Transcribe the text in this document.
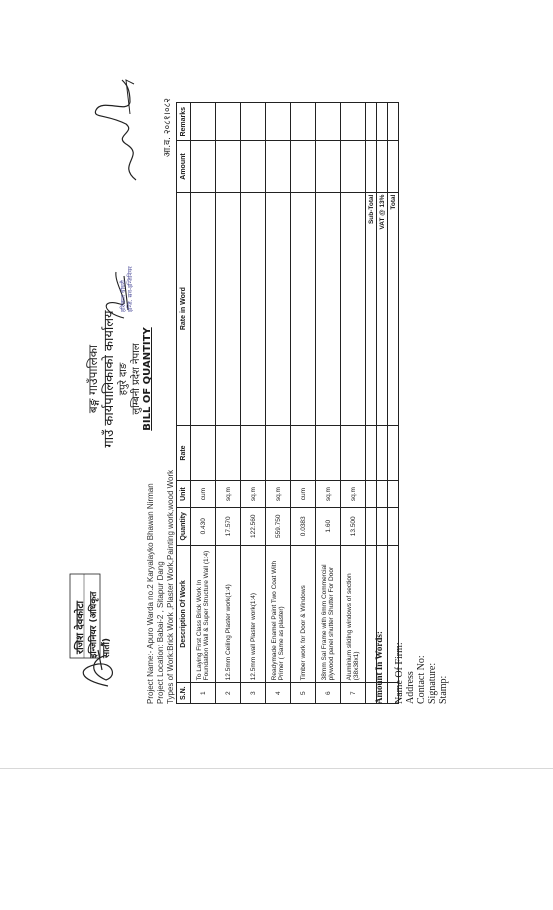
रजिश देवकोटा इन्जिनियर (अधिकृत सातौं)
बङ्ग गाउँपालिका गाउँ कार्यपालिकाको कार्यालय हपुरे दाङ लुम्बिनी प्रदेश नेपाल BILL OF QUANTITY
हरिलाल चौधरी इन्जि. सव-इन्जिनियर
Project Name:- Apuro Warda no.2 Karyalayko Bhawan Nirman Project Location: Babai-2 , Sitapur Dang Types of Work:Brick Work ,Plaster Work,Painting work,wood Work
आ.व. २०८१।०८२
S.N.	Description Of Work	Quantity	Unit	Rate	Rate in Word	Amount	Remarks
1	To Laying First Class Brick Work In Foundation Wall & Super Structure Wall (1:4)	0.430	cum				
2	12.5mm Ceiling Plaster work(1:4)	17.570	sq.m				
3	12.5mm wall Plaster work(1:4)	122.560	sq.m				
4	Readymade Enamel Paint Two Coat With Primer ( Same as plaster)	559.750	sq.m				
5	Timber work for Door & Windows	0.0383	cum				
6	38mm Sal Frame with 6mm Commercial plywood panel shutter Shutter For Door	1.60	sq.m				
7	Aluminium sliding windows of section (38x38x1)	13.500	sq.m				
					Sub-Total		
					VAT @ 13%		
					Total		
Amount In Words: Name Of Firm: Address Contact No: Signature: Stamp:
